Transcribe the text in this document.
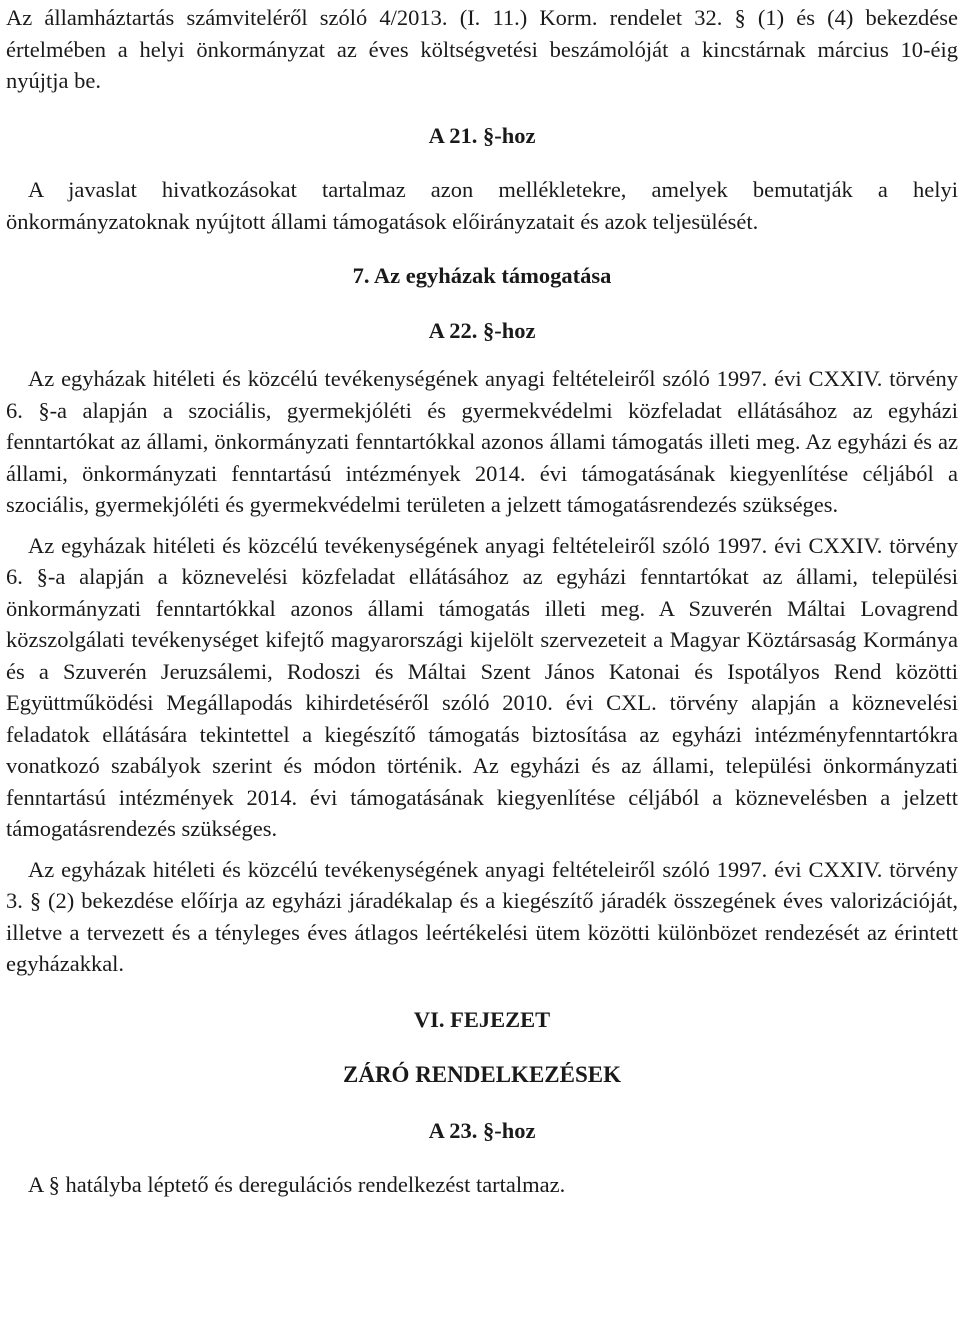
Az államháztartás számviteléről szóló 4/2013. (I. 11.) Korm. rendelet 32. § (1) és (4) bekezdése értelmében a helyi önkormányzat az éves költségvetési beszámolóját a kincstárnak március 10-éig nyújtja be.

A 21. §-hoz

A javaslat hivatkozásokat tartalmaz azon mellékletekre, amelyek bemutatják a helyi önkormányzatoknak nyújtott állami támogatások előirányzatait és azok teljesülését.

7. Az egyházak támogatása

A 22. §-hoz

Az egyházak hitéleti és közcélú tevékenységének anyagi feltételeiről szóló 1997. évi CXXIV. törvény 6. §-a alapján a szociális, gyermekjóléti és gyermekvédelmi közfeladat ellátásához az egyházi fenntartókat az állami, önkormányzati fenntartókkal azonos állami támogatás illeti meg. Az egyházi és az állami, önkormányzati fenntartású intézmények 2014. évi támogatásának kiegyenlítése céljából a szociális, gyermekjóléti és gyermekvédelmi területen a jelzett támogatásrendezés szükséges.

Az egyházak hitéleti és közcélú tevékenységének anyagi feltételeiről szóló 1997. évi CXXIV. törvény 6. §-a alapján a köznevelési közfeladat ellátásához az egyházi fenntartókat az állami, települési önkormányzati fenntartókkal azonos állami támogatás illeti meg. A Szuverén Máltai Lovagrend közszolgálati tevékenységet kifejtő magyarországi kijelölt szervezeteit a Magyar Köztársaság Kormánya és a Szuverén Jeruzsálemi, Rodoszi és Máltai Szent János Katonai és Ispotályos Rend közötti Együttműködési Megállapodás kihirdetéséről szóló 2010. évi CXL. törvény alapján a köznevelési feladatok ellátására tekintettel a kiegészítő támogatás biztosítása az egyházi intézményfenntartókra vonatkozó szabályok szerint és módon történik. Az egyházi és az állami, települési önkormányzati fenntartású intézmények 2014. évi támogatásának kiegyenlítése céljából a köznevelésben a jelzett támogatásrendezés szükséges.

Az egyházak hitéleti és közcélú tevékenységének anyagi feltételeiről szóló 1997. évi CXXIV. törvény 3. § (2) bekezdése előírja az egyházi járadékalap és a kiegészítő járadék összegének éves valorizációját, illetve a tervezett és a tényleges éves átlagos leértékelési ütem közötti különbözet rendezését az érintett egyházakkal.

VI. FEJEZET

ZÁRÓ RENDELKEZÉSEK

A 23. §-hoz

A § hatályba léptető és deregulációs rendelkezést tartalmaz.
